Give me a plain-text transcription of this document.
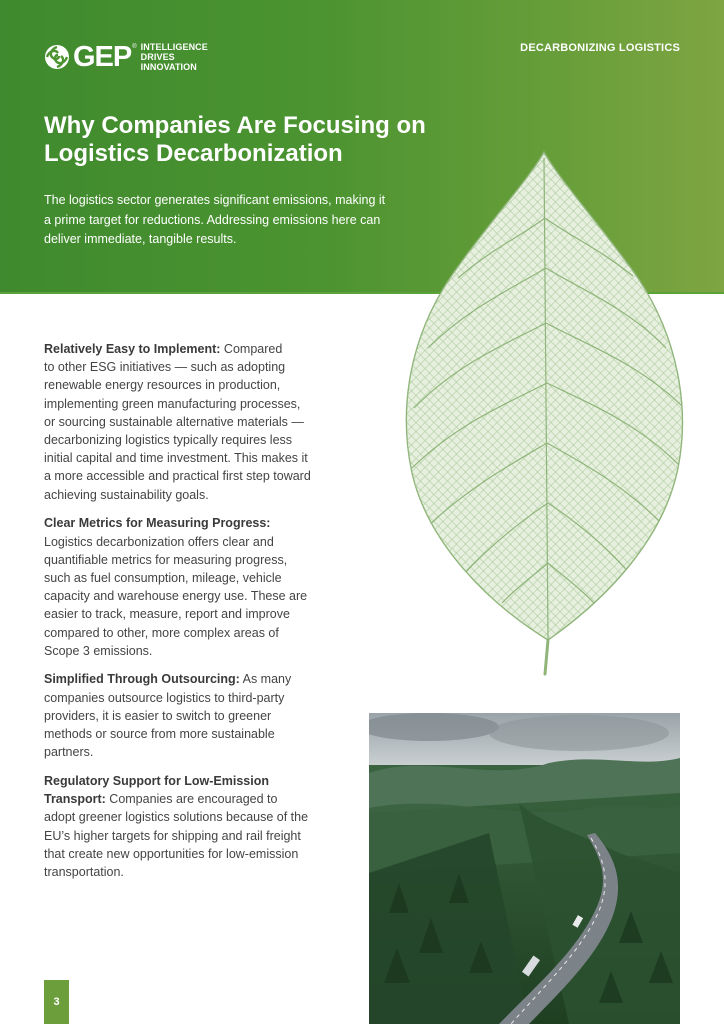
GEP ® INTELLIGENCE
DRIVES
INNOVATION
DECARBONIZING LOGISTICS
Why Companies Are Focusing on
Logistics Decarbonization

The logistics sector generates significant emissions, making it
a prime target for reductions. Addressing emissions here can
deliver immediate, tangible results.

Relatively Easy to Implement: Compared
to other ESG initiatives — such as adopting
renewable energy resources in production,
implementing green manufacturing processes,
or sourcing sustainable alternative materials —
decarbonizing logistics typically requires less
initial capital and time investment. This makes it
a more accessible and practical first step toward
achieving sustainability goals.
Clear Metrics for Measuring Progress:
Logistics decarbonization offers clear and
quantifiable metrics for measuring progress,
such as fuel consumption, mileage, vehicle
capacity and warehouse energy use. These are
easier to track, measure, report and improve
compared to other, more complex areas of
Scope 3 emissions.
Simplified Through Outsourcing: As many
companies outsource logistics to third-party
providers, it is easier to switch to greener
methods or source from more sustainable
partners.
Regulatory Support for Low-Emission
Transport: Companies are encouraged to
adopt greener logistics solutions because of the
EU’s higher targets for shipping and rail freight
that create new opportunities for low-emission
transportation.
3
